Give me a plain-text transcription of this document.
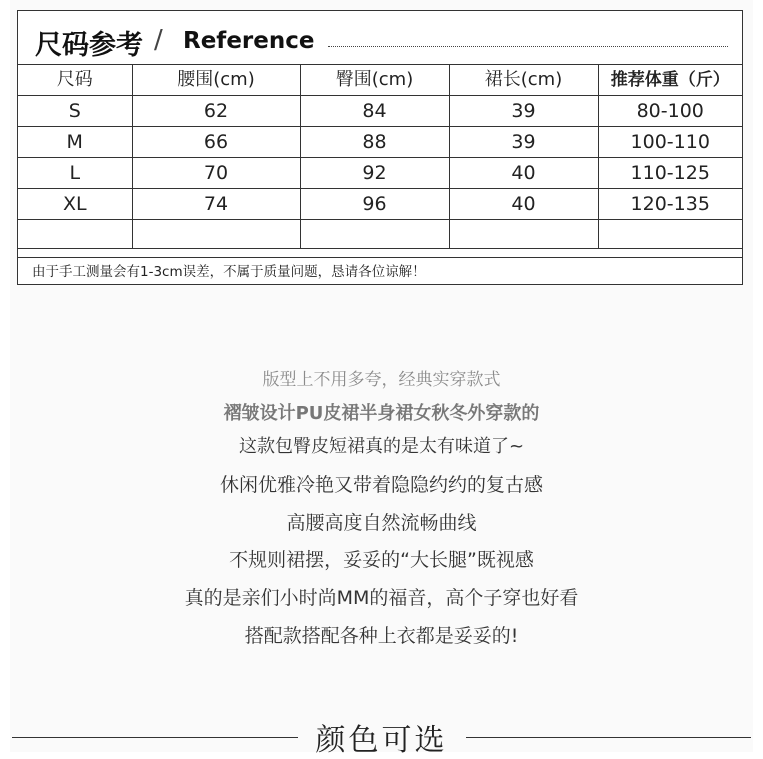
尺码参考 / Reference
尺码	腰围(cm)	臀围(cm)	裙长(cm)	推荐体重（斤）
S	62	84	39	80-100
M	66	88	39	100-110
L	70	92	40	110-125
XL	74	96	40	120-135

由于手工测量会有1-3cm误差，不属于质量问题，恳请各位谅解！				
版型上不用多夸，经典实穿款式
褶皱设计PU皮裙半身裙女秋冬外穿款的
这款包臀皮短裙真的是太有味道了~
休闲优雅冷艳又带着隐隐约约的复古感
高腰高度自然流畅曲线
不规则裙摆，妥妥的“大长腿”既视感
真的是亲们小时尚MM的福音，高个子穿也好看
搭配款搭配各种上衣都是妥妥的!
颜色可选
